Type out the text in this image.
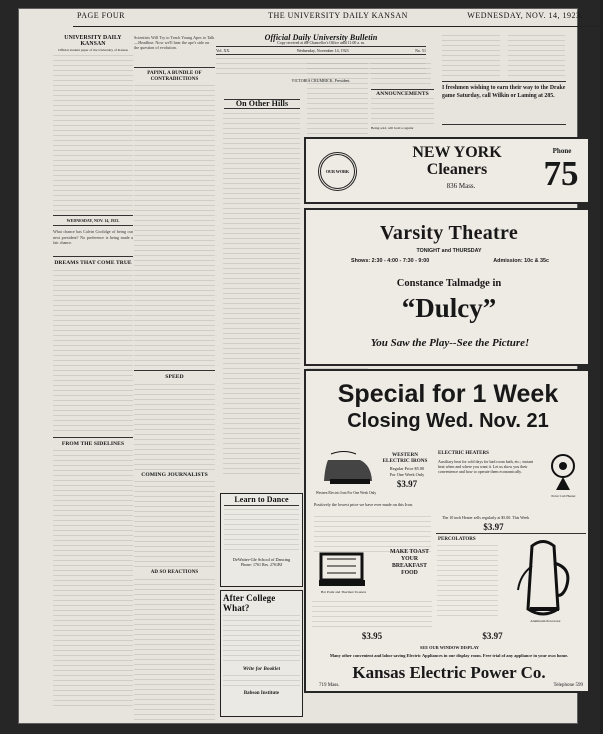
PAGE FOUR	THE UNIVERSITY DAILY KANSAN	WEDNESDAY, NOV. 14, 1923.
UNIVERSITY DAILY KANSAN
Official student paper of the University of Kansas
WEDNESDAY, NOV. 14, 1923.
What chance has Calvin Coolidge of being our next president? No preference is being made a fair chance.
DREAMS THAT COME TRUE
FROM THE SIDELINES
Scientists Will Try to Teach Young Apes to Talk—Headline. Now we'll hear the ape's side on the question of evolution.
PAPINI, A BUNDLE OF CONTRADICTIONS
SPEED
COMING JOURNALISTS
AD SO REACTIONS
Official Daily University Bulletin
Copy received at the Chancellor's Office until 11:00 a. m.
Vol. XX.	Wednesday, November 14, 1923	No. 51
VICTORIA CRUMBICK, President.
On Other Hills
ANNOUNCEMENTS
Being sold, will hold a regular
I freshmen wishing to earn their way to the Drake game Saturday, call Wilkin or Laming at 285.
Learn to Dance
DeWaiter-Gle School of Dancing
Phone: 1761 Res. 2761BJ
After College What?
Write for Booklet
Babson Institute
OUR WORK
NEW YORK Cleaners
836 Mass.
Phone
75
Varsity Theatre
TONIGHT and THURSDAY
Shows: 2:30 - 4:00 - 7:30 - 9:00	Admission: 10c & 35c
Constance Talmadge in
“Dulcy”
You Saw the Play--See the Picture!
Special for 1 Week
Closing Wed. Nov. 21
Western Electric Iron For One Week Only
WESTERN ELECTRIC IRONS
Regular Price $5.00
For One Week Only
$3.97
Positively the lowest price we have ever made on this Iron.
ELECTRIC HEATERS
Auxiliary heat for cold days for bad room bath, etc.; instant heat when and where you want it. Let us show you their convenience and how to operate them economically.
Polar Cub Heater
The 10 inch Heater sells regularly at $5.00. This Week
$3.97
Hot Point and Thermax Toasters
MAKE TOAST YOUR BREAKFAST FOOD
$3.95
PERCOLATORS
Aluminum Percolator
$3.97
SEE OUR WINDOW DISPLAY
Many other convenient and labor saving Electric Appliances in our display room. Free trial of any appliance in your own home.
Kansas Electric Power Co.
719 Mass.	Telephone 599
